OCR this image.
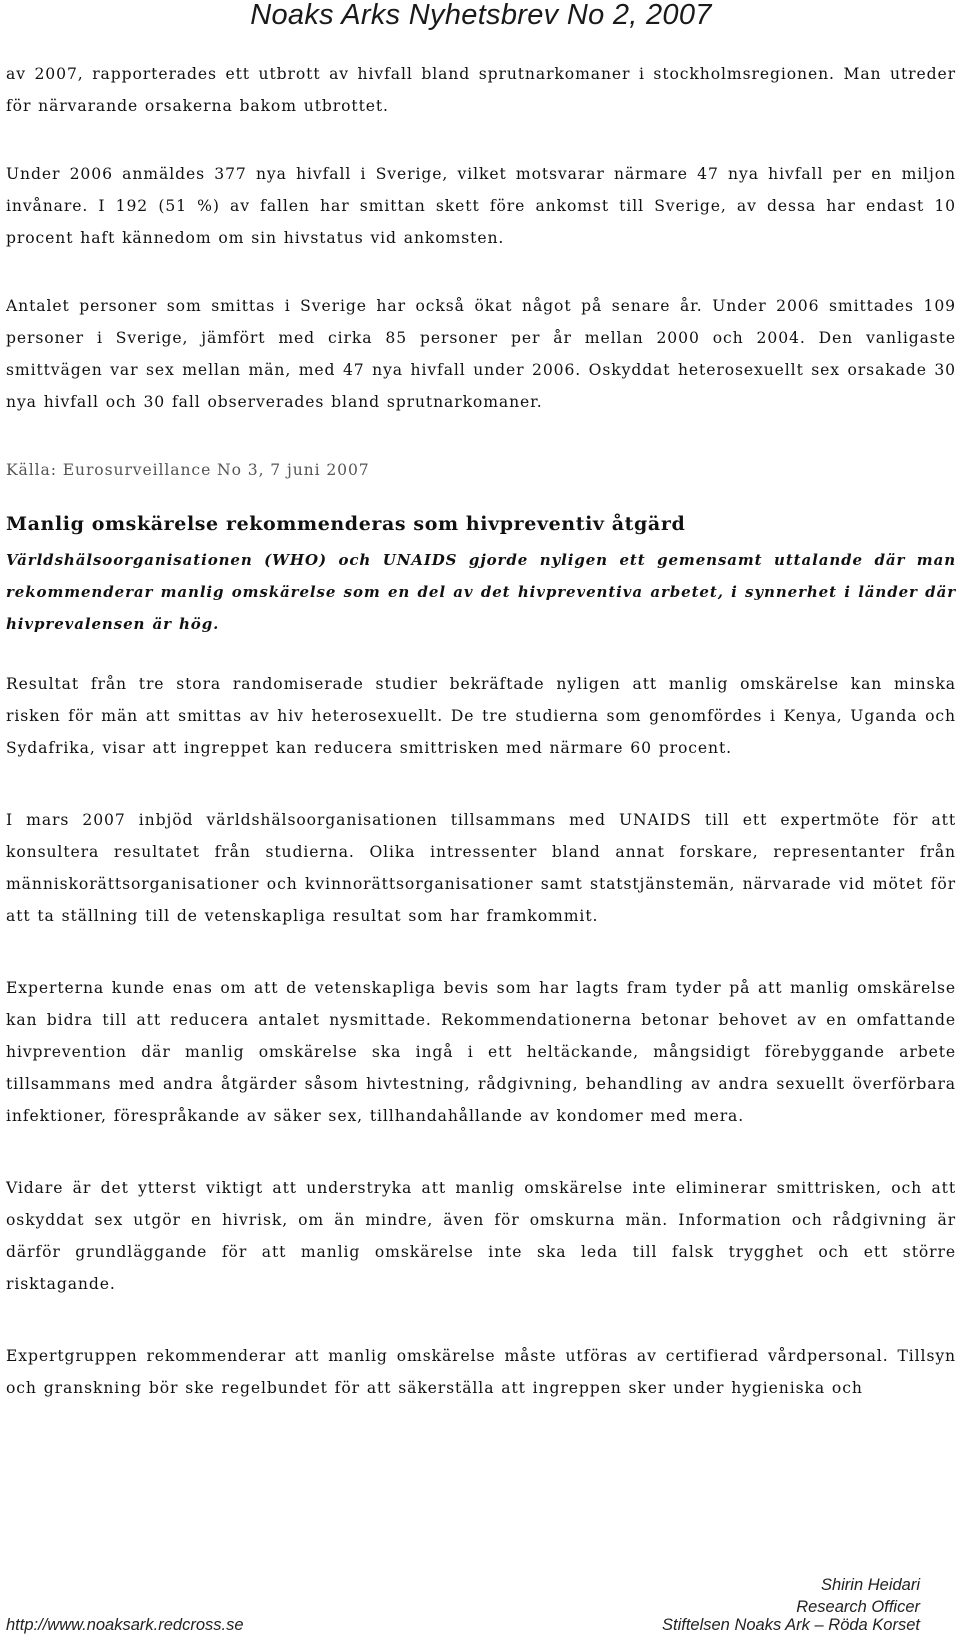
Noaks Arks Nyhetsbrev No 2, 2007

av 2007, rapporterades ett utbrott av hivfall bland sprutnarkomaner i stockholmsregionen. Man utreder för närvarande orsakerna bakom utbrottet.

Under 2006 anmäldes 377 nya hivfall i Sverige, vilket motsvarar närmare 47 nya hivfall per en miljon invånare. I 192 (51 %) av fallen har smittan skett före ankomst till Sverige, av dessa har endast 10 procent haft kännedom om sin hivstatus vid ankomsten.

Antalet personer som smittas i Sverige har också ökat något på senare år. Under 2006 smittades 109 personer i Sverige, jämfört med cirka 85 personer per år mellan 2000 och 2004. Den vanligaste smittvägen var sex mellan män, med 47 nya hivfall under 2006. Oskyddat heterosexuellt sex orsakade 30 nya hivfall och 30 fall observerades bland sprutnarkomaner.

Källa: Eurosurveillance No 3, 7 juni 2007
Manlig omskärelse rekommenderas som hivpreventiv åtgärd

Världshälsoorganisationen (WHO) och UNAIDS gjorde nyligen ett gemensamt uttalande där man rekommenderar manlig omskärelse som en del av det hivpreventiva arbetet, i synnerhet i länder där hivprevalensen är hög.

Resultat från tre stora randomiserade studier bekräftade nyligen att manlig omskärelse kan minska risken för män att smittas av hiv heterosexuellt. De tre studierna som genomfördes i Kenya, Uganda och Sydafrika, visar att ingreppet kan reducera smittrisken med närmare 60 procent.

I mars 2007 inbjöd världshälsoorganisationen tillsammans med UNAIDS till ett expertmöte för att konsultera resultatet från studierna. Olika intressenter bland annat forskare, representanter från människorättsorganisationer och kvinnorättsorganisationer samt statstjänstemän, närvarade vid mötet för att ta ställning till de vetenskapliga resultat som har framkommit.

Experterna kunde enas om att de vetenskapliga bevis som har lagts fram tyder på att manlig omskärelse kan bidra till att reducera antalet nysmittade. Rekommendationerna betonar behovet av en omfattande hivprevention där manlig omskärelse ska ingå i ett heltäckande, mångsidigt förebyggande arbete tillsammans med andra åtgärder såsom hivtestning, rådgivning, behandling av andra sexuellt överförbara infektioner, förespråkande av säker sex, tillhandahållande av kondomer med mera.

Vidare är det ytterst viktigt att understryka att manlig omskärelse inte eliminerar smittrisken, och att oskyddat sex utgör en hivrisk, om än mindre, även för omskurna män. Information och rådgivning är därför grundläggande för att manlig omskärelse inte ska leda till falsk trygghet och ett större risktagande.

Expertgruppen rekommenderar att manlig omskärelse måste utföras av certifierad vårdpersonal. Tillsyn och granskning bör ske regelbundet för att säkerställa att ingreppen sker under hygieniska och

Shirin Heidari
Research Officer
http://www.noaksark.redcross.se	Stiftelsen Noaks Ark – Röda Korset
